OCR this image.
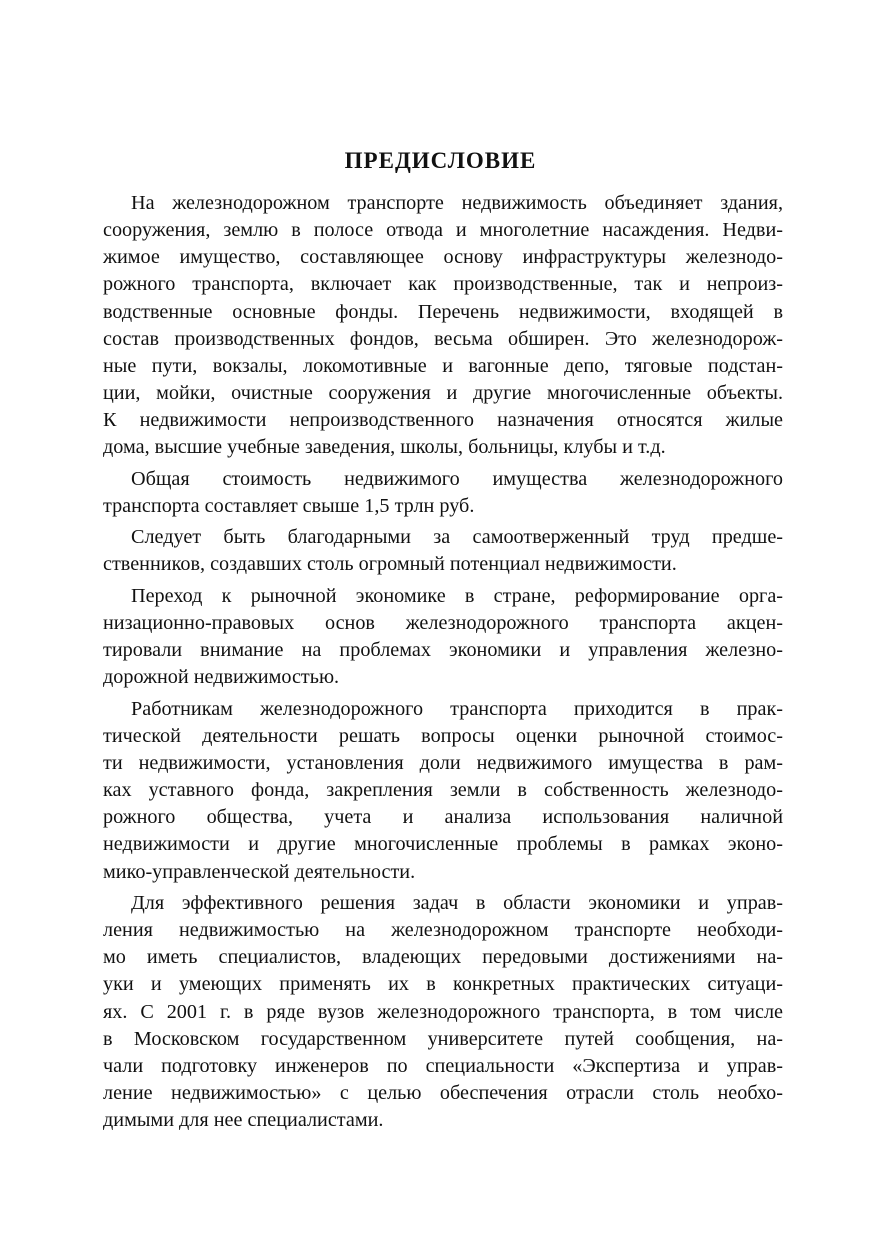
ПРЕДИСЛОВИЕ
На железнодорожном транспорте недвижимость объединяет здания,
сооружения, землю в полосе отвода и многолетние насаждения. Недви-
жимое имущество, составляющее основу инфраструктуры железнодо-
рожного транспорта, включает как производственные, так и непроиз-
водственные основные фонды. Перечень недвижимости, входящей в
состав производственных фондов, весьма обширен. Это железнодорож-
ные пути, вокзалы, локомотивные и вагонные депо, тяговые подстан-
ции, мойки, очистные сооружения и другие многочисленные объекты.
К недвижимости непроизводственного назначения относятся жилые
дома, высшие учебные заведения, школы, больницы, клубы и т.д.
Общая стоимость недвижимого имущества железнодорожного
транспорта составляет свыше 1,5 трлн руб.
Следует быть благодарными за самоотверженный труд предше-
ственников, создавших столь огромный потенциал недвижимости.
Переход к рыночной экономике в стране, реформирование орга-
низационно-правовых основ железнодорожного транспорта акцен-
тировали внимание на проблемах экономики и управления железно-
дорожной недвижимостью.
Работникам железнодорожного транспорта приходится в прак-
тической деятельности решать вопросы оценки рыночной стоимос-
ти недвижимости, установления доли недвижимого имущества в рам-
ках уставного фонда, закрепления земли в собственность железнодо-
рожного общества, учета и анализа использования наличной
недвижимости и другие многочисленные проблемы в рамках эконо-
мико-управленческой деятельности.
Для эффективного решения задач в области экономики и управ-
ления недвижимостью на железнодорожном транспорте необходи-
мо иметь специалистов, владеющих передовыми достижениями на-
уки и умеющих применять их в конкретных практических ситуаци-
ях. С 2001 г. в ряде вузов железнодорожного транспорта, в том числе
в Московском государственном университете путей сообщения, на-
чали подготовку инженеров по специальности «Экспертиза и управ-
ление недвижимостью» с целью обеспечения отрасли столь необхо-
димыми для нее специалистами.
